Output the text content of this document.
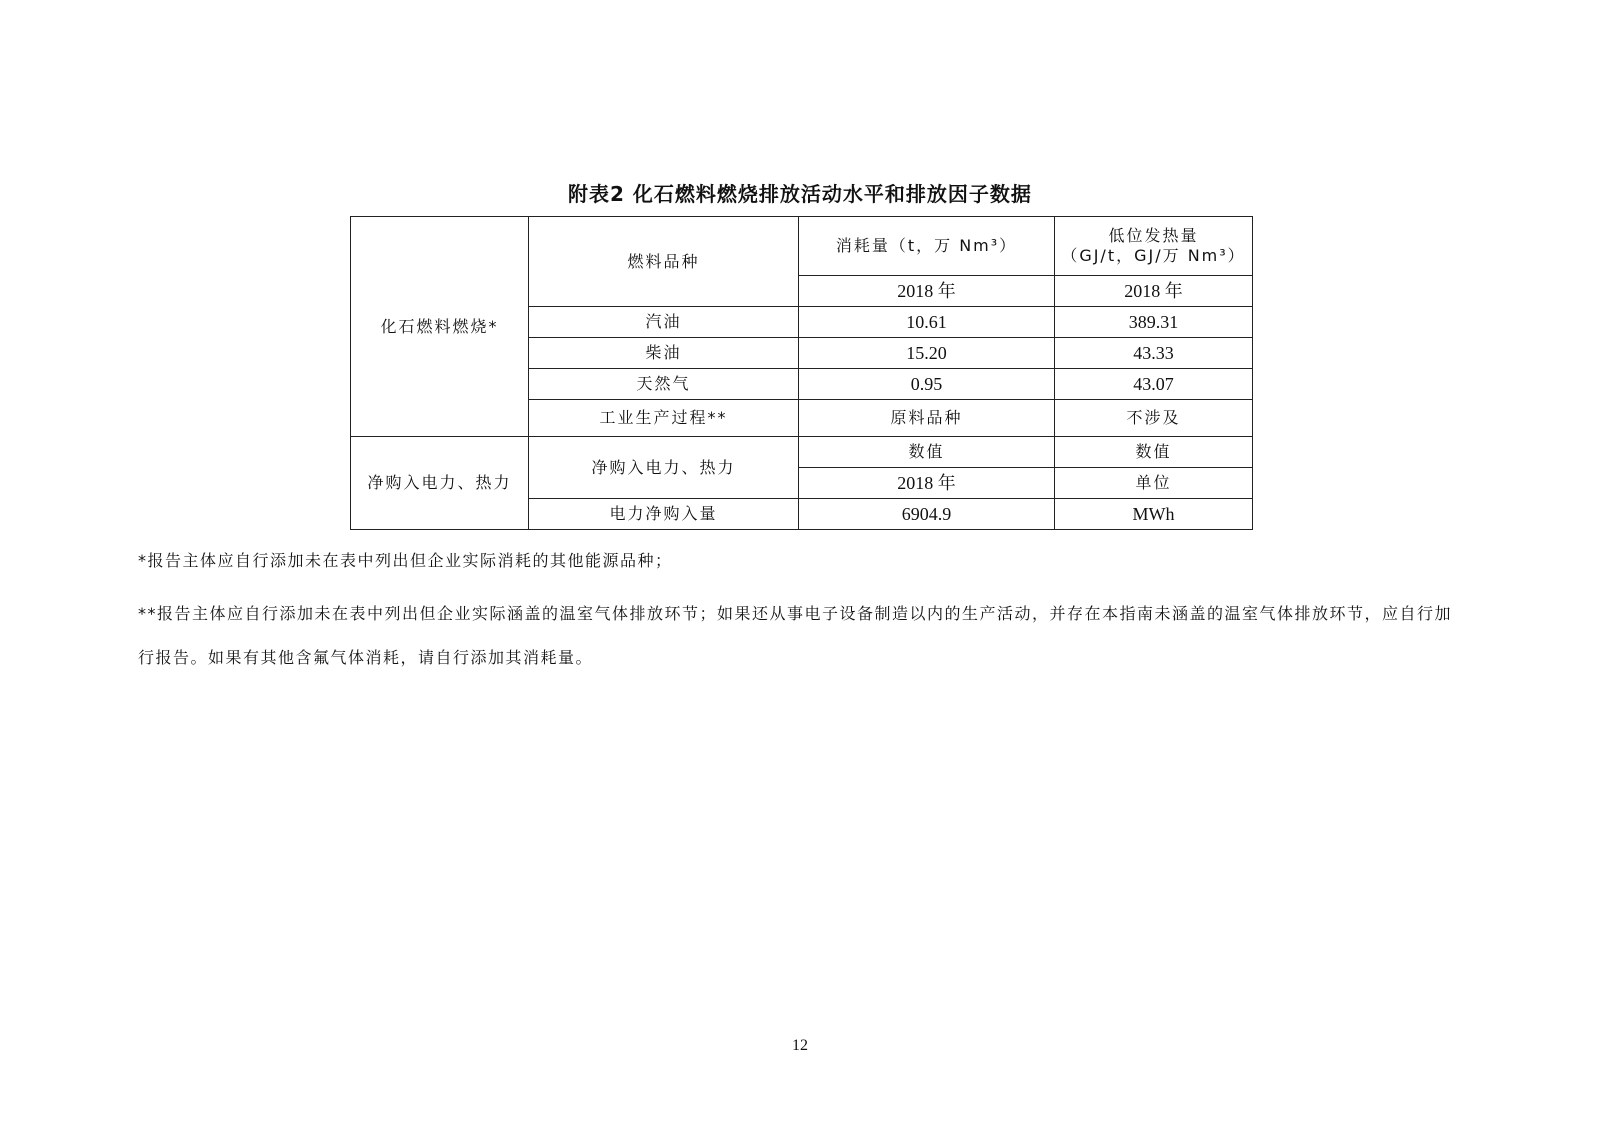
附表2 化石燃料燃烧排放活动水平和排放因子数据
化石燃料燃烧*	燃料品种	消耗量（t，万 Nm³）	低位发热量
（GJ/t，GJ/万 Nm³）

		2018 年	2018 年
	汽油	10.61	389.31
	柴油	15.20	43.33
	天然气	0.95	43.07
	工业生产过程**	原料品种	不涉及
净购入电力、热力	净购入电力、热力	数值	数值
		2018 年	单位
	电力净购入量	6904.9	MWh
*报告主体应自行添加未在表中列出但企业实际消耗的其他能源品种；
**报告主体应自行添加未在表中列出但企业实际涵盖的温室气体排放环节；如果还从事电子设备制造以内的生产活动，并存在本指南未涵盖的温室气体排放环节，应自行加行报告。如果有其他含氟气体消耗，请自行添加其消耗量。
12
